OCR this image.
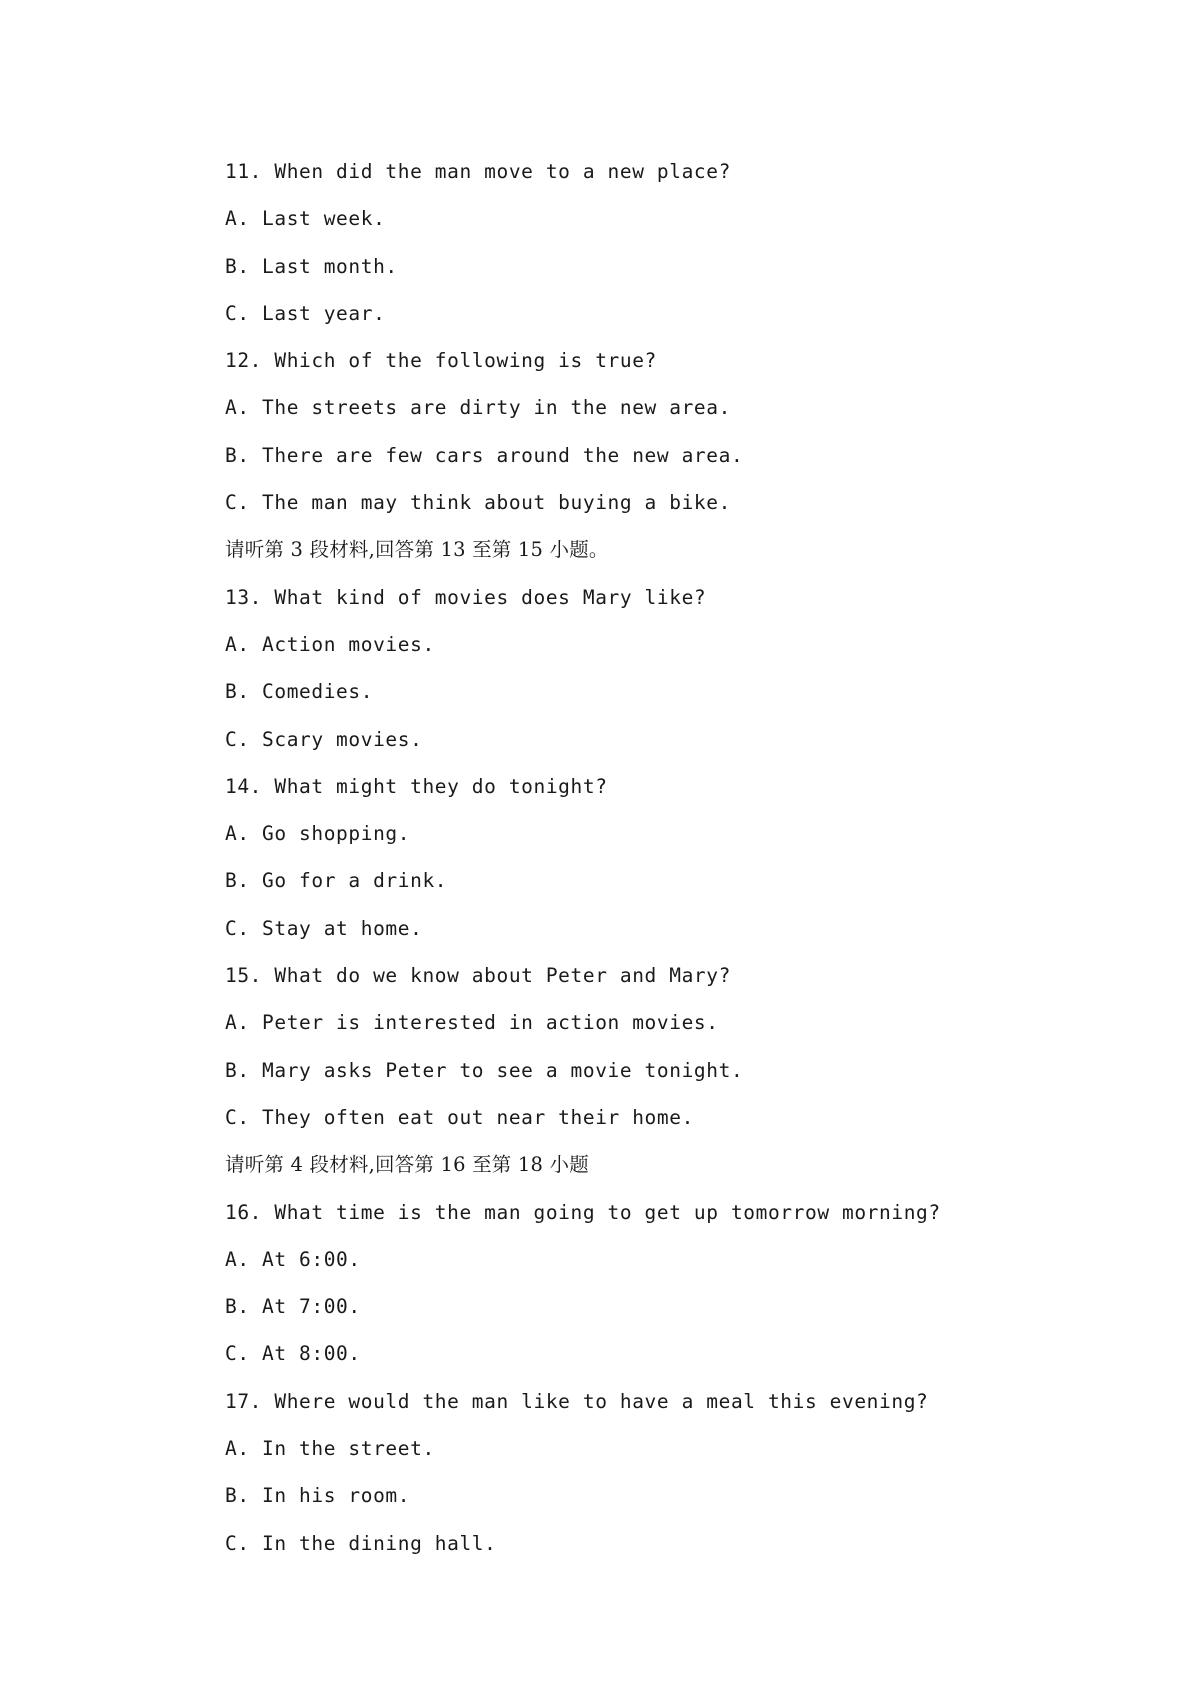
11. When did the man move to a new place?
A. Last week.
B. Last month.
C. Last year.
12. Which of the following is true?
A. The streets are dirty in the new area.
B. There are few cars around the new area.
C. The man may think about buying a bike.
请听第 3 段材料,回答第 13 至第 15 小题。
13. What kind of movies does Mary like?
A. Action movies.
B. Comedies.
C. Scary movies.
14. What might they do tonight?
A. Go shopping.
B. Go for a drink.
C. Stay at home.
15. What do we know about Peter and Mary?
A. Peter is interested in action movies.
B. Mary asks Peter to see a movie tonight.
C. They often eat out near their home.
请听第 4 段材料,回答第 16 至第 18 小题
16. What time is the man going to get up tomorrow morning?
A. At 6:00.
B. At 7:00.
C. At 8:00.
17. Where would the man like to have a meal this evening?
A. In the street.
B. In his room.
C. In the dining hall.
